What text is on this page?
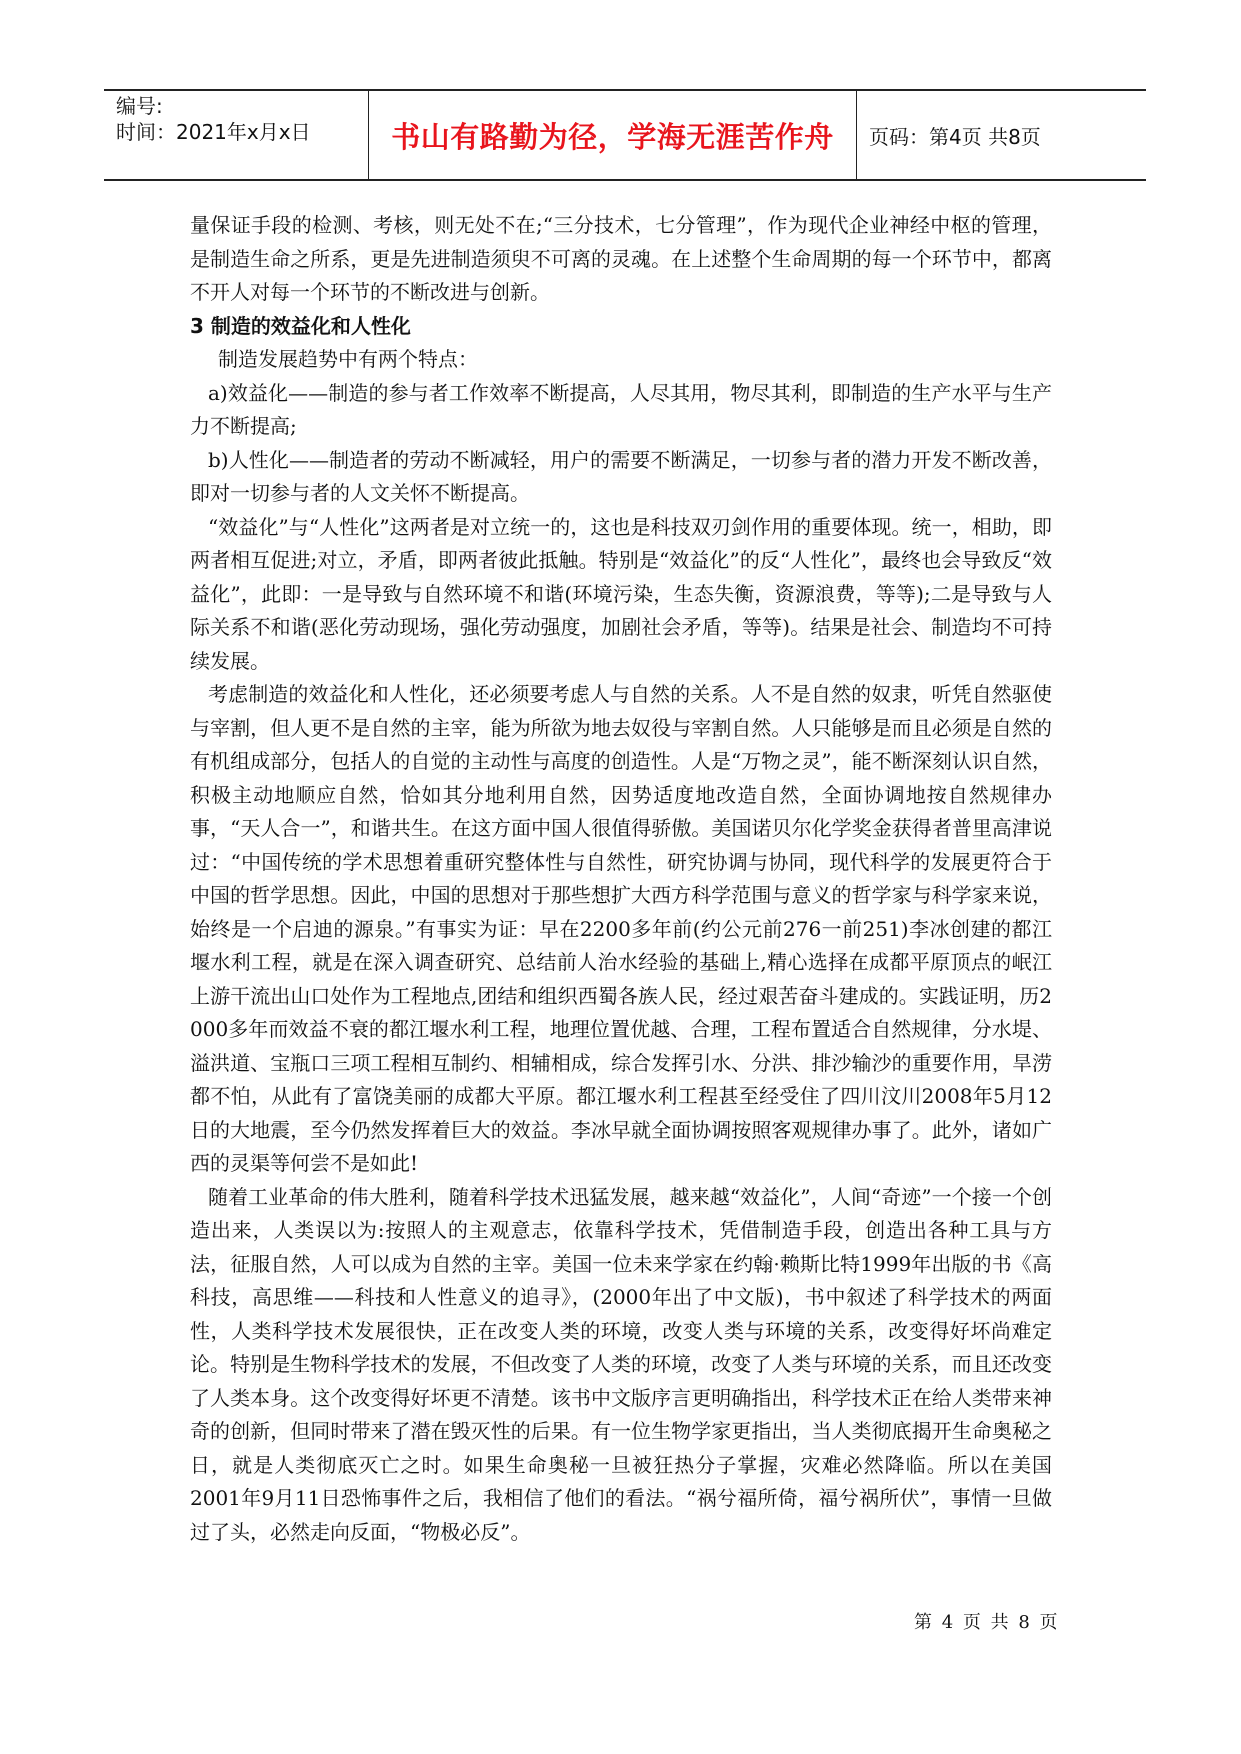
编号:
时间：2021年x月x日	书山有路勤为径，学海无涯苦作舟	页码：第4页 共8页

量保证手段的检测、考核，则无处不在;“三分技术，七分管理”，作为现代企业神经中枢的管理，是制造生命之所系，更是先进制造须臾不可离的灵魂。在上述整个生命周期的每一个环节中，都离不开人对每一个环节的不断改进与创新。

3 制造的效益化和人性化

制造发展趋势中有两个特点：

a)效益化——制造的参与者工作效率不断提高，人尽其用，物尽其利，即制造的生产水平与生产力不断提高;

b)人性化——制造者的劳动不断减轻，用户的需要不断满足，一切参与者的潜力开发不断改善，即对一切参与者的人文关怀不断提高。

“效益化”与“人性化”这两者是对立统一的，这也是科技双刃剑作用的重要体现。统一，相助，即两者相互促进;对立，矛盾，即两者彼此抵触。特别是“效益化”的反“人性化”，最终也会导致反“效益化”，此即：一是导致与自然环境不和谐(环境污染，生态失衡，资源浪费，等等);二是导致与人际关系不和谐(恶化劳动现场，强化劳动强度，加剧社会矛盾，等等)。结果是社会、制造均不可持续发展。

考虑制造的效益化和人性化，还必须要考虑人与自然的关系。人不是自然的奴隶，听凭自然驱使与宰割，但人更不是自然的主宰，能为所欲为地去奴役与宰割自然。人只能够是而且必须是自然的有机组成部分，包括人的自觉的主动性与高度的创造性。人是“万物之灵”，能不断深刻认识自然，积极主动地顺应自然，恰如其分地利用自然，因势适度地改造自然，全面协调地按自然规律办事，“天人合一”，和谐共生。在这方面中国人很值得骄傲。美国诺贝尔化学奖金获得者普里高津说过：“中国传统的学术思想着重研究整体性与自然性，研究协调与协同，现代科学的发展更符合于中国的哲学思想。因此，中国的思想对于那些想扩大西方科学范围与意义的哲学家与科学家来说，始终是一个启迪的源泉。”有事实为证：早在2200多年前(约公元前276一前251)李冰创建的都江堰水利工程，就是在深入调查研究、总结前人治水经验的基础上,精心选择在成都平原顶点的岷江上游干流出山口处作为工程地点,团结和组织西蜀各族人民，经过艰苦奋斗建成的。实践证明，历2 000多年而效益不衰的都江堰水利工程，地理位置优越、合理，工程布置适合自然规律，分水堤、溢洪道、宝瓶口三项工程相互制约、相辅相成，综合发挥引水、分洪、排沙输沙的重要作用，旱涝都不怕，从此有了富饶美丽的成都大平原。都江堰水利工程甚至经受住了四川汶川2008年5月12日的大地震，至今仍然发挥着巨大的效益。李冰早就全面协调按照客观规律办事了。此外，诸如广西的灵渠等何尝不是如此!

随着工业革命的伟大胜利，随着科学技术迅猛发展，越来越“效益化”，人间“奇迹”一个接一个创造出来，人类误以为:按照人的主观意志，依靠科学技术，凭借制造手段，创造出各种工具与方法，征服自然，人可以成为自然的主宰。美国一位未来学家在约翰·赖斯比特1999年出版的书《高科技，高思维——科技和人性意义的追寻》，(2000年出了中文版)，书中叙述了科学技术的两面性，人类科学技术发展很快，正在改变人类的环境，改变人类与环境的关系，改变得好坏尚难定论。特别是生物科学技术的发展，不但改变了人类的环境，改变了人类与环境的关系，而且还改变了人类本身。这个改变得好坏更不清楚。该书中文版序言更明确指出，科学技术正在给人类带来神奇的创新，但同时带来了潜在毁灭性的后果。有一位生物学家更指出，当人类彻底揭开生命奥秘之日，就是人类彻底灭亡之时。如果生命奥秘一旦被狂热分子掌握，灾难必然降临。所以在美国2001年9月11日恐怖事件之后，我相信了他们的看法。“祸兮福所倚，福兮祸所伏”，事情一旦做过了头，必然走向反面，“物极必反”。

第 4 页 共 8 页
